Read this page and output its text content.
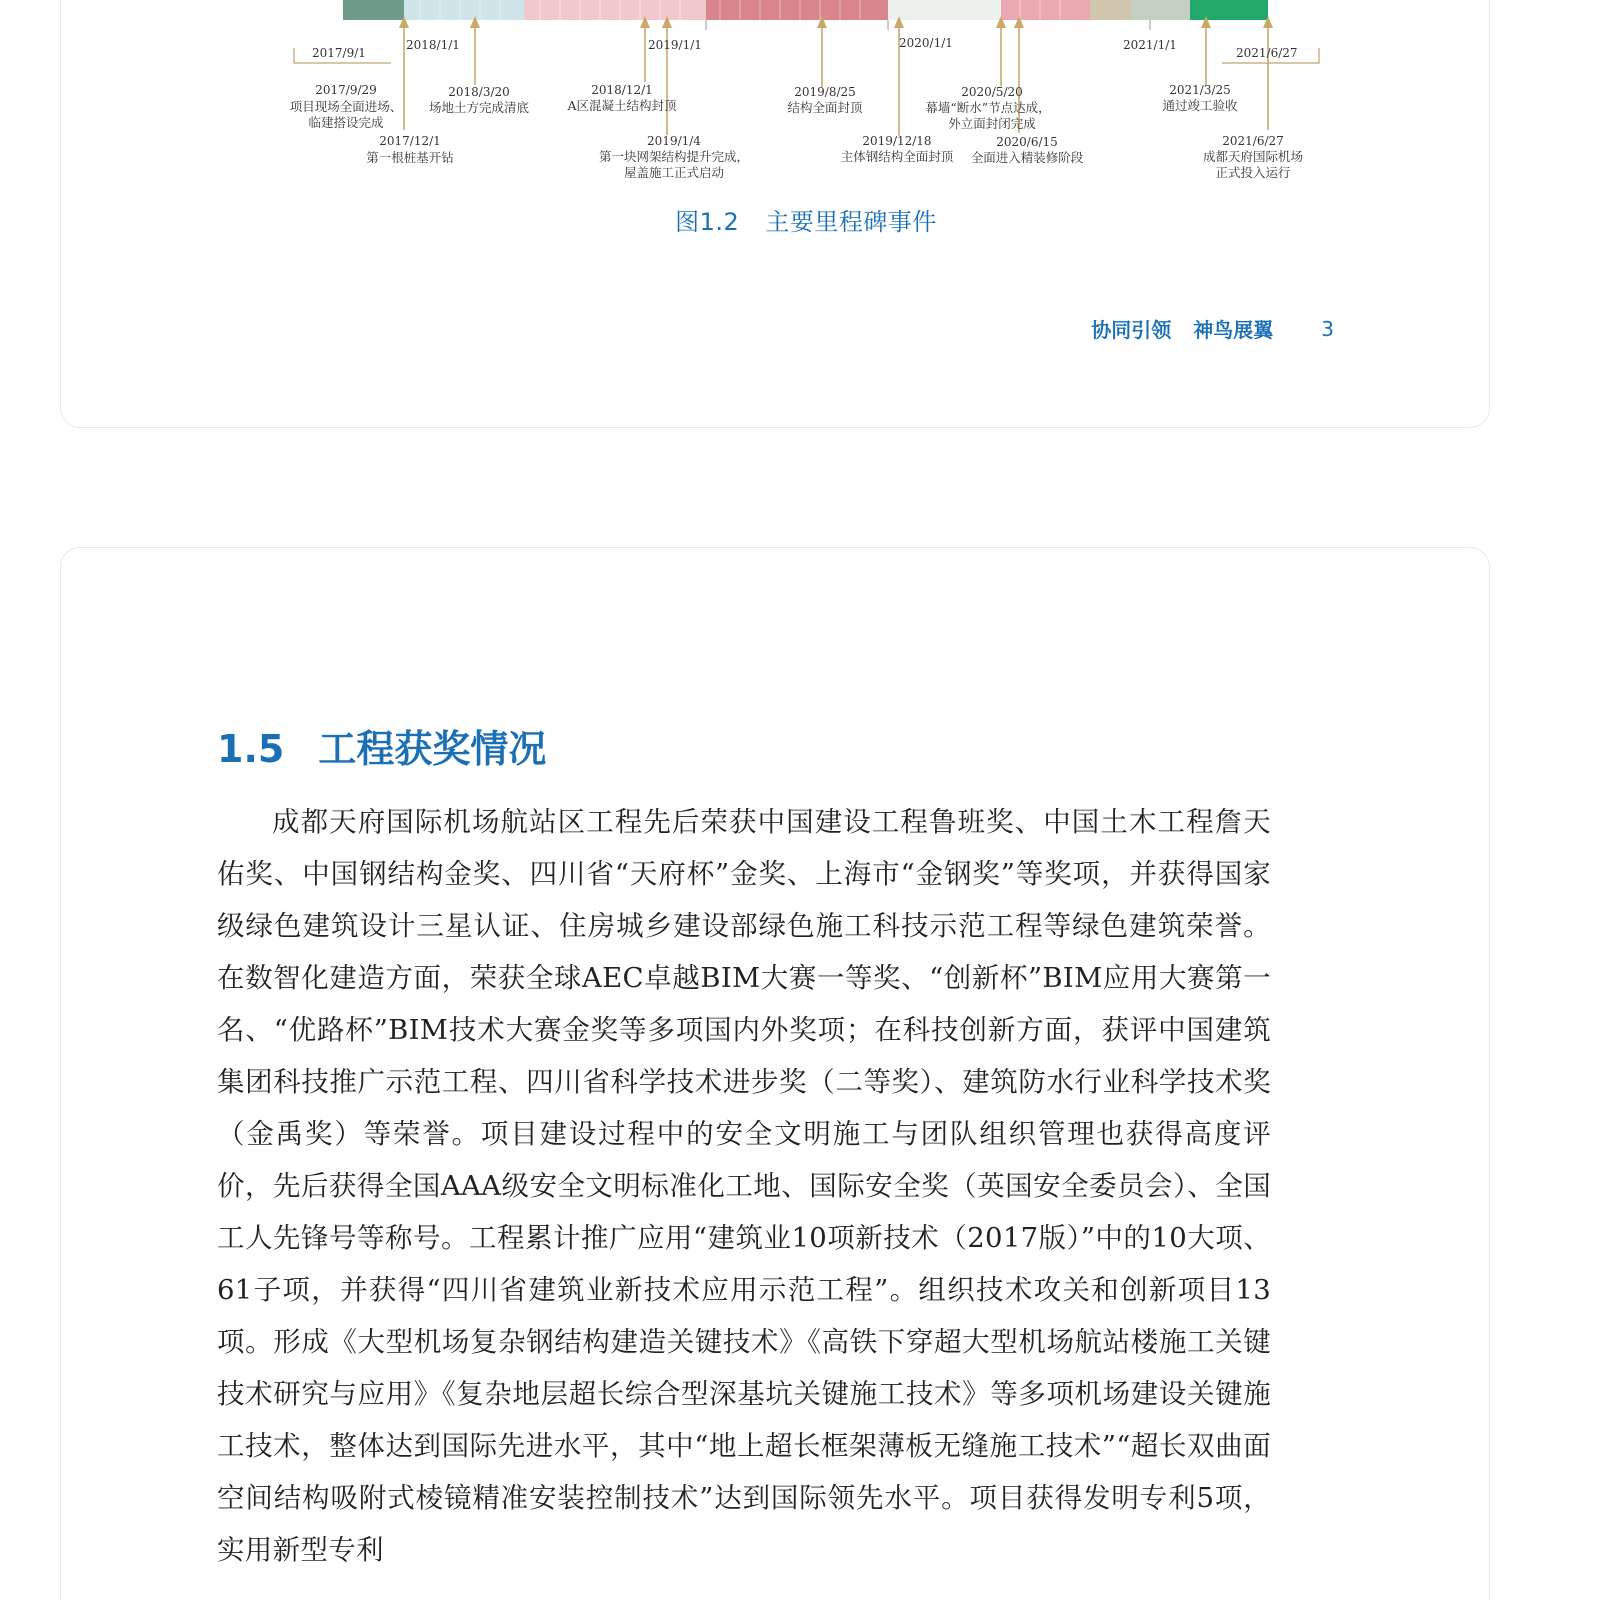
2017/9/1
2018/1/1	2019/1/1	2020/1/1	2021/1/1
2021/6/27
2017/9/29
项目现场全面进场、
临建搭设完成
2017/12/1
第一根桩基开钻
2018/3/20
场地土方完成清底
2018/12/1
A区混凝土结构封顶
2019/1/4
第一块网架结构提升完成，
屋盖施工正式启动
2019/8/25
结构全面封顶
2019/12/18
主体钢结构全面封顶
2020/5/20
幕墙“断水”节点达成，
外立面封闭完成
2020/6/15
全面进入精装修阶段
2021/3/25
通过竣工验收
2021/6/27
成都天府国际机场
正式投入运行
图1.2 主要里程碑事件
协同引领 神鸟展翼 3
1.5 工程获奖情况

成都天府国际机场航站区工程先后荣获中国建设工程鲁班奖、中国土木工程詹天佑奖、中国钢结构金奖、四川省“天府杯”金奖、上海市“金钢奖”等奖项，并获得国家级绿色建筑设计三星认证、住房城乡建设部绿色施工科技示范工程等绿色建筑荣誉。在数智化建造方面，荣获全球AEC卓越BIM大赛一等奖、“创新杯”BIM应用大赛第一名、“优路杯”BIM技术大赛金奖等多项国内外奖项；在科技创新方面，获评中国建筑集团科技推广示范工程、四川省科学技术进步奖（二等奖）、建筑防水行业科学技术奖（金禹奖）等荣誉。项目建设过程中的安全文明施工与团队组织管理也获得高度评价，先后获得全国AAA级安全文明标准化工地、国际安全奖（英国安全委员会）、全国工人先锋号等称号。工程累计推广应用“建筑业10项新技术（2017版）”中的10大项、61子项，并获得“四川省建筑业新技术应用示范工程”。组织技术攻关和创新项目13项。形成《大型机场复杂钢结构建造关键技术》《高铁下穿超大型机场航站楼施工关键技术研究与应用》《复杂地层超长综合型深基坑关键施工技术》等多项机场建设关键施工技术，整体达到国际先进水平，其中“地上超长框架薄板无缝施工技术”“超长双曲面空间结构吸附式棱镜精准安装控制技术”达到国际领先水平。项目获得发明专利5项，实用新型专利
